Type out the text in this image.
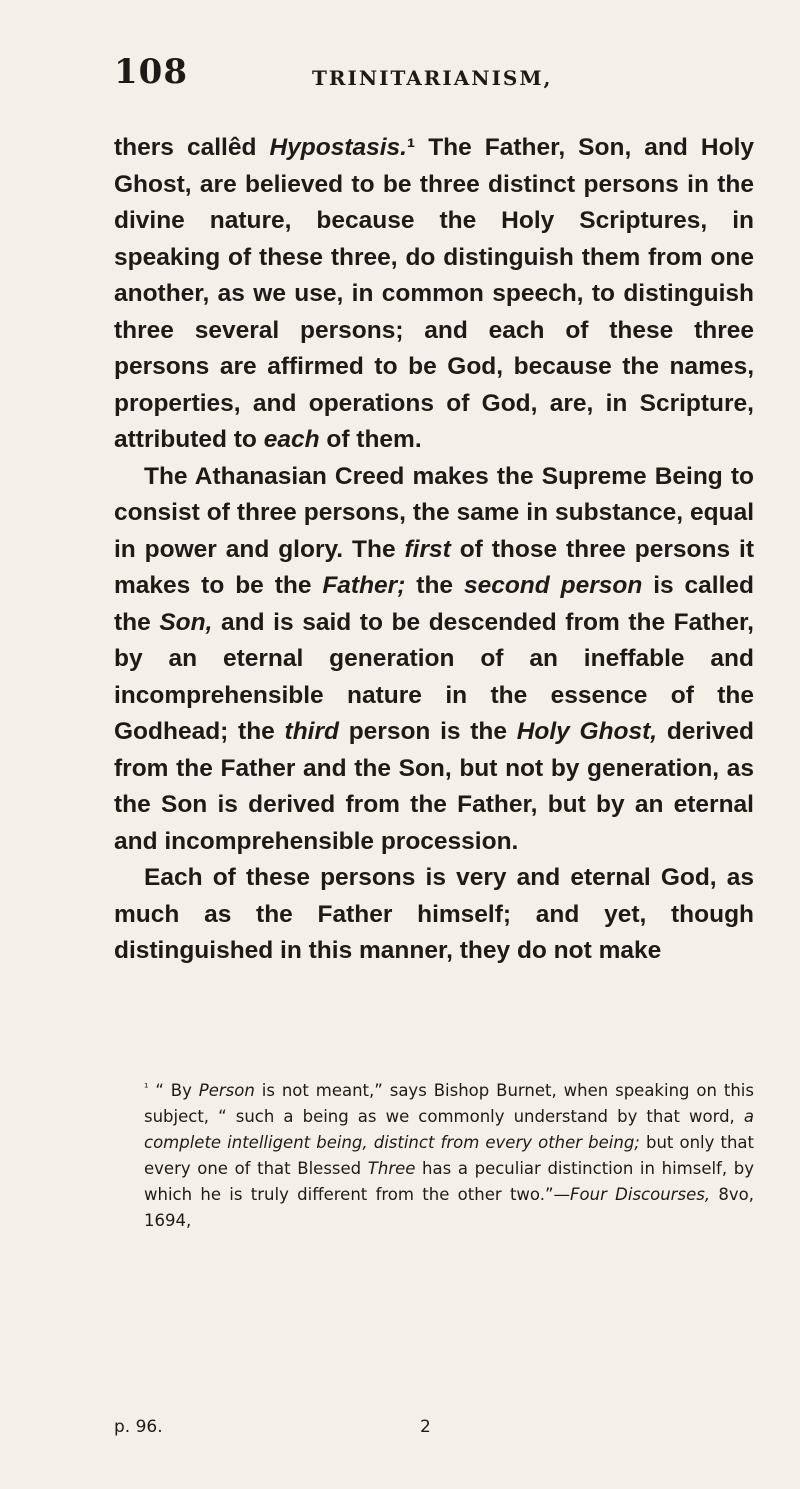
108	TRINITARIANISM,

thers callêd Hypostasis.¹ The Father, Son, and Holy Ghost, are believed to be three distinct persons in the divine nature, because the Holy Scriptures, in speaking of these three, do distinguish them from one another, as we use, in common speech, to distinguish three several persons; and each of these three persons are affirmed to be God, because the names, properties, and operations of God, are, in Scripture, attributed to each of them.

The Athanasian Creed makes the Supreme Being to consist of three persons, the same in substance, equal in power and glory. The first of those three persons it makes to be the Father; the second person is called the Son, and is said to be descended from the Father, by an eternal generation of an ineffable and incomprehensible nature in the essence of the Godhead; the third person is the Holy Ghost, derived from the Father and the Son, but not by generation, as the Son is derived from the Father, but by an eternal and incomprehensible procession.

Each of these persons is very and eternal God, as much as the Father himself; and yet, though distinguished in this manner, they do not make

$^{^1}$ “ By Person is not meant,” says Bishop Burnet, when speaking on this subject, “ such a being as we commonly understand by that word, a complete intelligent being, distinct from every other being; but only that every one of that Blessed Three has a peculiar distinction in himself, by which he is truly different from the other two.”—Four Discourses, 8vo, 1694,
p. 96.	2
